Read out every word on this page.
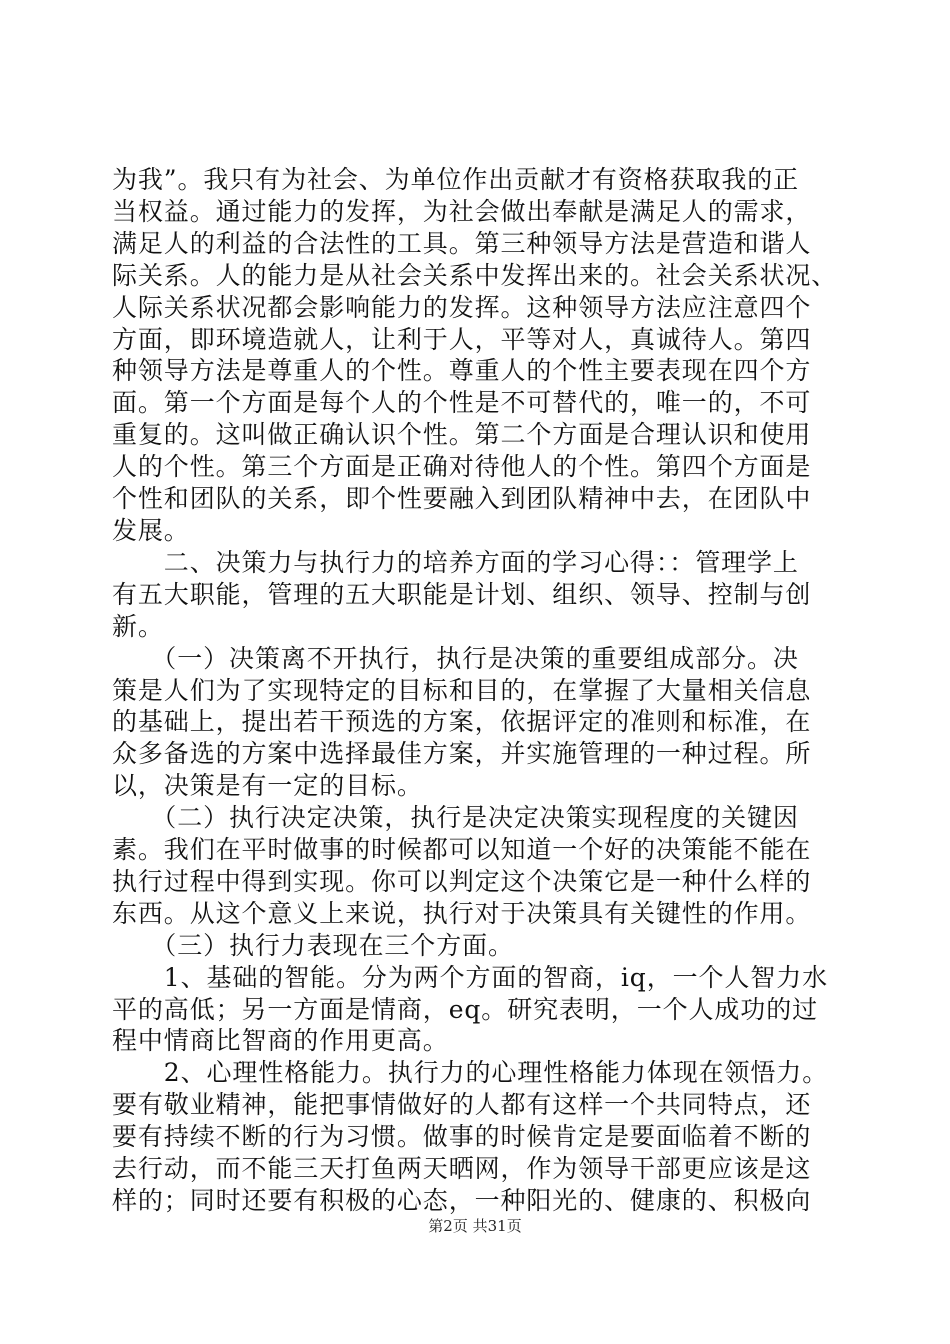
为我”。我只有为社会、为单位作出贡献才有资格获取我的正
当权益。通过能力的发挥，为社会做出奉献是满足人的需求，
满足人的利益的合法性的工具。第三种领导方法是营造和谐人
际关系。人的能力是从社会关系中发挥出来的。社会关系状况、
人际关系状况都会影响能力的发挥。这种领导方法应注意四个
方面，即环境造就人，让利于人，平等对人，真诚待人。第四
种领导方法是尊重人的个性。尊重人的个性主要表现在四个方
面。第一个方面是每个人的个性是不可替代的，唯一的，不可
重复的。这叫做正确认识个性。第二个方面是合理认识和使用
人的个性。第三个方面是正确对待他人的个性。第四个方面是
个性和团队的关系，即个性要融入到团队精神中去，在团队中
发展。
　　二、决策力与执行力的培养方面的学习心得：：管理学上
有五大职能，管理的五大职能是计划、组织、领导、控制与创
新。
　　（一）决策离不开执行，执行是决策的重要组成部分。决
策是人们为了实现特定的目标和目的，在掌握了大量相关信息
的基础上，提出若干预选的方案，依据评定的准则和标准，在
众多备选的方案中选择最佳方案，并实施管理的一种过程。所
以，决策是有一定的目标。
　　（二）执行决定决策，执行是决定决策实现程度的关键因
素。我们在平时做事的时候都可以知道一个好的决策能不能在
执行过程中得到实现。你可以判定这个决策它是一种什么样的
东西。从这个意义上来说，执行对于决策具有关键性的作用。
　　（三）执行力表现在三个方面。
　　1、基础的智能。分为两个方面的智商，iq，一个人智力水
平的高低；另一方面是情商，eq。研究表明，一个人成功的过
程中情商比智商的作用更高。
　　2、心理性格能力。执行力的心理性格能力体现在领悟力。
要有敬业精神，能把事情做好的人都有这样一个共同特点，还
要有持续不断的行为习惯。做事的时候肯定是要面临着不断的
去行动，而不能三天打鱼两天晒网，作为领导干部更应该是这
样的；同时还要有积极的心态，一种阳光的、健康的、积极向
第2页 共31页
